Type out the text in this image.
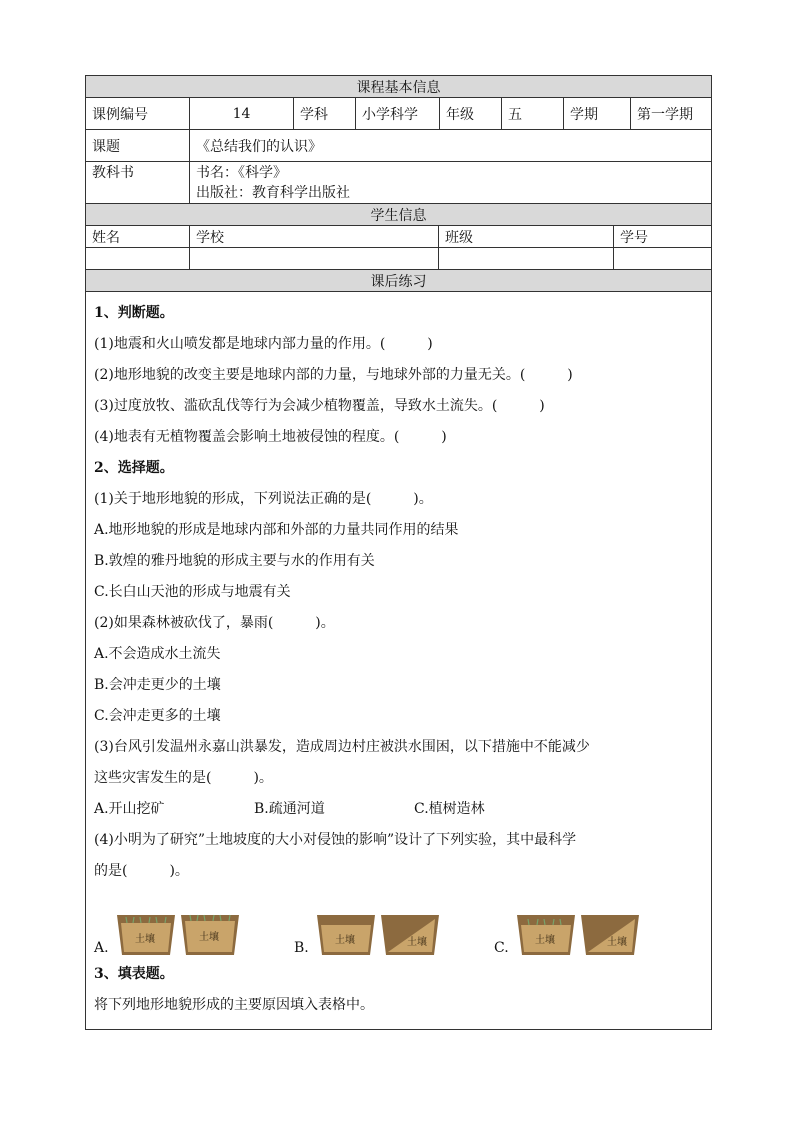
课程基本信息
课例编号	14	学科	小学科学	年级	五	学期	第一学期
课题	《总结我们的认识》
教科书	书名：《科学》
出版社：教育科学出版社
学生信息
姓名	学校	班级	学号
课后练习

1、判断题。

(1)地震和火山喷发都是地球内部力量的作用。(　　　)

(2)地形地貌的改变主要是地球内部的力量，与地球外部的力量无关。(　　　)

(3)过度放牧、滥砍乱伐等行为会减少植物覆盖，导致水土流失。(　　　)

(4)地表有无植物覆盖会影响土地被侵蚀的程度。(　　　)

2、选择题。

(1)关于地形地貌的形成，下列说法正确的是(　　　)。

A.地形地貌的形成是地球内部和外部的力量共同作用的结果

B.敦煌的雅丹地貌的形成主要与水的作用有关

C.长白山天池的形成与地震有关

(2)如果森林被砍伐了，暴雨(　　　)。

A.不会造成水土流失

B.会冲走更少的土壤

C.会冲走更多的土壤

(3)台风引发温州永嘉山洪暴发，造成周边村庄被洪水围困，以下措施中不能减少

这些灾害发生的是(　　　)。

A.开山挖矿	B.疏通河道	C.植树造林

(4)小明为了研究”土地坡度的大小对侵蚀的影响”设计了下列实验，其中最科学

的是(　　　)。

A.
土壤	土壤
B.	土壤	土壤	C.	土壤	土壤

3、填表题。

将下列地形地貌形成的主要原因填入表格中。
